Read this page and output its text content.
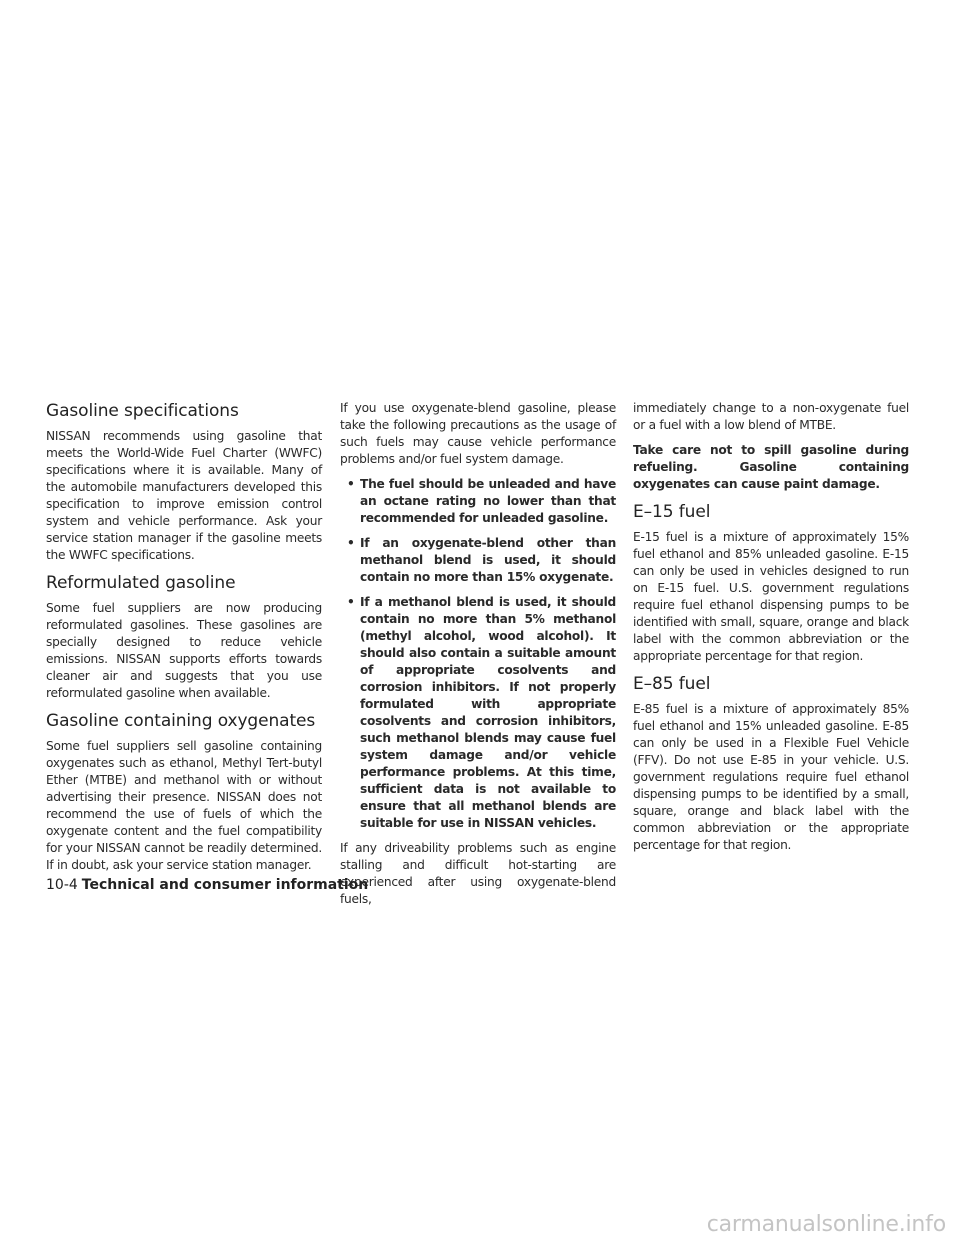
Gasoline specifications

NISSAN recommends using gasoline that meets the World-Wide Fuel Charter (WWFC) specifications where it is available. Many of the automobile manufacturers developed this specification to improve emission control system and vehicle performance. Ask your service station manager if the gasoline meets the WWFC specifications.

Reformulated gasoline

Some fuel suppliers are now producing reformulated gasolines. These gasolines are specially designed to reduce vehicle emissions. NISSAN supports efforts towards cleaner air and suggests that you use reformulated gasoline when available.

Gasoline containing oxygenates

Some fuel suppliers sell gasoline containing oxygenates such as ethanol, Methyl Tert-butyl Ether (MTBE) and methanol with or without advertising their presence. NISSAN does not recommend the use of fuels of which the oxygenate content and the fuel compatibility for your NISSAN cannot be readily determined. If in doubt, ask your service station manager.

If you use oxygenate-blend gasoline, please take the following precautions as the usage of such fuels may cause vehicle performance problems and/or fuel system damage.

• The fuel should be unleaded and have an octane rating no lower than that recommended for unleaded gasoline.
• If an oxygenate-blend other than methanol blend is used, it should contain no more than 15% oxygenate.
• If a methanol blend is used, it should contain no more than 5% methanol (methyl alcohol, wood alcohol). It should also contain a suitable amount of appropriate cosolvents and corrosion inhibitors. If not properly formulated with appropriate cosolvents and corrosion inhibitors, such methanol blends may cause fuel system damage and/or vehicle performance problems. At this time, sufficient data is not available to ensure that all methanol blends are suitable for use in NISSAN vehicles.

If any driveability problems such as engine stalling and difficult hot-starting are experienced after using oxygenate-blend fuels,

immediately change to a non-oxygenate fuel or a fuel with a low blend of MTBE.

Take care not to spill gasoline during refueling. Gasoline containing oxygenates can cause paint damage.

E–15 fuel

E-15 fuel is a mixture of approximately 15% fuel ethanol and 85% unleaded gasoline. E-15 can only be used in vehicles designed to run on E-15 fuel. U.S. government regulations require fuel ethanol dispensing pumps to be identified with small, square, orange and black label with the common abbreviation or the appropriate percentage for that region.

E–85 fuel

E-85 fuel is a mixture of approximately 85% fuel ethanol and 15% unleaded gasoline. E-85 can only be used in a Flexible Fuel Vehicle (FFV). Do not use E-85 in your vehicle. U.S. government regulations require fuel ethanol dispensing pumps to be identified by a small, square, orange and black label with the common abbreviation or the appropriate percentage for that region.

10-4 Technical and consumer information
carmanualsonline.info
